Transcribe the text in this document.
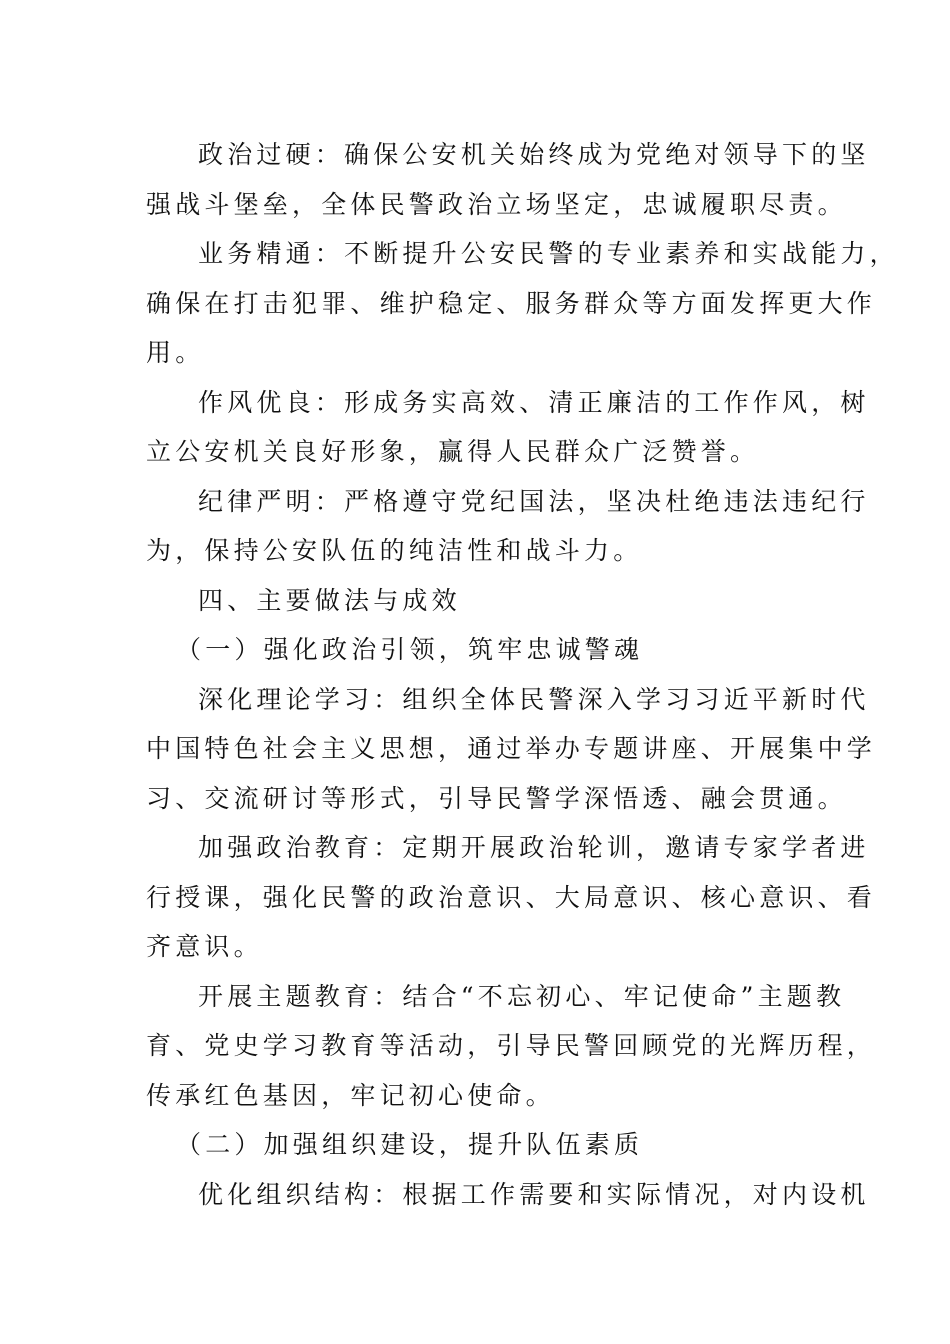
政治过硬：确保公安机关始终成为党绝对领导下的坚
强战斗堡垒，全体民警政治立场坚定，忠诚履职尽责。
业务精通：不断提升公安民警的专业素养和实战能力，
确保在打击犯罪、维护稳定、服务群众等方面发挥更大作
用。
作风优良：形成务实高效、清正廉洁的工作作风，树
立公安机关良好形象，赢得人民群众广泛赞誉。
纪律严明：严格遵守党纪国法，坚决杜绝违法违纪行
为，保持公安队伍的纯洁性和战斗力。
四、主要做法与成效
（一）强化政治引领，筑牢忠诚警魂
深化理论学习：组织全体民警深入学习习近平新时代
中国特色社会主义思想，通过举办专题讲座、开展集中学
习、交流研讨等形式，引导民警学深悟透、融会贯通。
加强政治教育：定期开展政治轮训，邀请专家学者进
行授课，强化民警的政治意识、大局意识、核心意识、看
齐意识。
开展主题教育：结合“不忘初心、牢记使命”主题教
育、党史学习教育等活动，引导民警回顾党的光辉历程，
传承红色基因，牢记初心使命。
（二）加强组织建设，提升队伍素质
优化组织结构：根据工作需要和实际情况，对内设机
